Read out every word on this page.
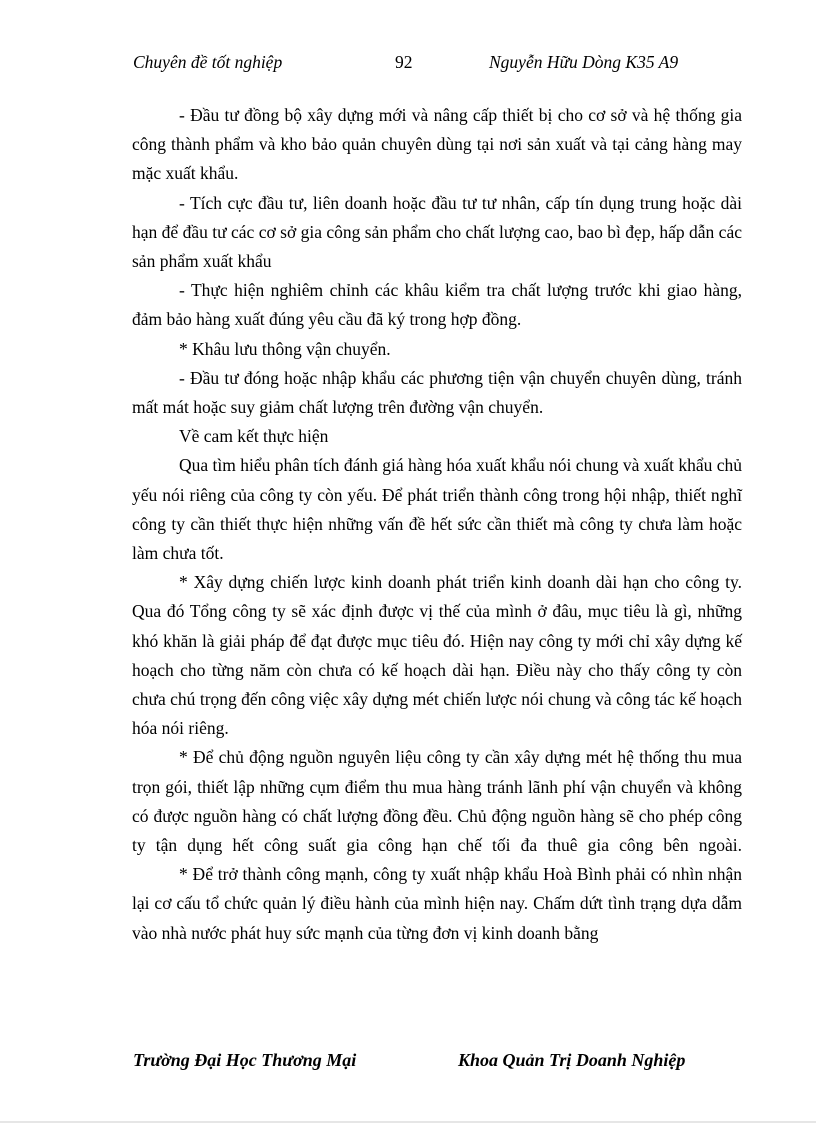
Chuyên đề tốt nghiệp	92	Nguyễn Hữu Dòng K35 A9

- Đầu tư đồng bộ xây dựng mới và nâng cấp thiết bị cho cơ sở và hệ thống gia công thành phẩm và kho bảo quản chuyên dùng tại nơi sản xuất và tại cảng hàng may mặc xuất khẩu.

- Tích cực đầu tư, liên doanh hoặc đầu tư tư nhân, cấp tín dụng trung hoặc dài hạn để đầu tư các cơ sở gia công sản phẩm cho chất lượng cao, bao bì đẹp, hấp dẫn các sản phẩm xuất khẩu

- Thực hiện nghiêm chỉnh các khâu kiểm tra chất lượng trước khi giao hàng, đảm bảo hàng xuất đúng yêu cầu đã ký trong hợp đồng.

* Khâu lưu thông vận chuyển.

- Đầu tư đóng hoặc nhập khẩu các phương tiện vận chuyển chuyên dùng, tránh mất mát hoặc suy giảm chất lượng trên đường vận chuyển.

Về cam kết thực hiện

Qua tìm hiểu phân tích đánh giá hàng hóa xuất khẩu nói chung và xuất khẩu chủ yếu nói riêng của công ty còn yếu. Để phát triển thành công trong hội nhập, thiết nghĩ công ty cần thiết thực hiện những vấn đề hết sức cần thiết mà công ty chưa làm hoặc làm chưa tốt.

* Xây dựng chiến lược kinh doanh phát triển kinh doanh dài hạn cho công ty. Qua đó Tổng công ty sẽ xác định được vị thế của mình ở đâu, mục tiêu là gì, những khó khăn là giải pháp để đạt được mục tiêu đó. Hiện nay công ty mới chỉ xây dựng kế hoạch cho từng năm còn chưa có kế hoạch dài hạn. Điều này cho thấy công ty còn chưa chú trọng đến công việc xây dựng mét chiến lược nói chung và công tác kế hoạch hóa nói riêng.

* Để chủ động nguồn nguyên liệu công ty cần xây dựng mét hệ thống thu mua trọn gói, thiết lập những cụm điểm thu mua hàng tránh lãnh phí vận chuyển và không có được nguồn hàng có chất lượng đồng đều. Chủ động nguồn hàng sẽ cho phép công ty tận dụng hết công suất gia công hạn chế tối đa thuê gia công bên ngoài.

* Để trở thành công mạnh, công ty xuất nhập khẩu Hoà Bình phải có nhìn nhận lại cơ cấu tổ chức quản lý điều hành của mình hiện nay. Chấm dứt tình trạng dựa dẫm vào nhà nước phát huy sức mạnh của từng đơn vị kinh doanh bằng

Trường Đại Học Thương Mại	Khoa Quản Trị Doanh Nghiệp
